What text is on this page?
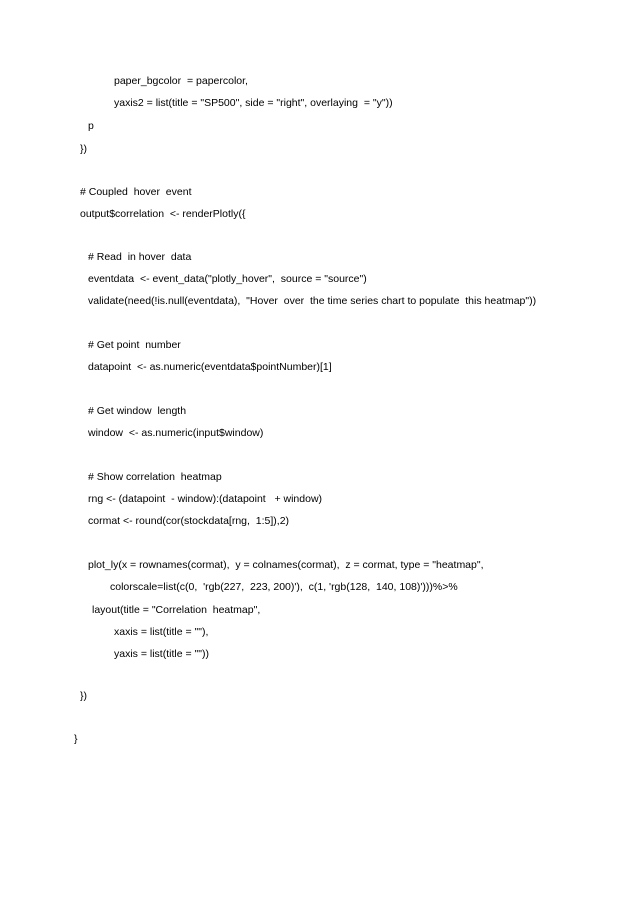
paper_bgcolor  = papercolor,

yaxis2 = list(title = "SP500", side = "right", overlaying  = "y"))

p

})

# Coupled  hover  event

output$correlation  <- renderPlotly({

# Read  in hover  data

eventdata  <- event_data("plotly_hover",  source = "source")

validate(need(!is.null(eventdata),  "Hover  over  the time series chart to populate  this heatmap"))

# Get point  number

datapoint  <- as.numeric(eventdata$pointNumber)[1]

# Get window  length

window  <- as.numeric(input$window)

# Show correlation  heatmap

rng <- (datapoint  - window):(datapoint   + window)

cormat <- round(cor(stockdata[rng,  1:5]),2)

plot_ly(x = rownames(cormat),  y = colnames(cormat),  z = cormat, type = "heatmap",

colorscale=list(c(0,  'rgb(227,  223, 200)'),  c(1, 'rgb(128,  140, 108)')))%>%

layout(title = "Correlation  heatmap",

xaxis = list(title = ""),

yaxis = list(title = ""))

})

}
